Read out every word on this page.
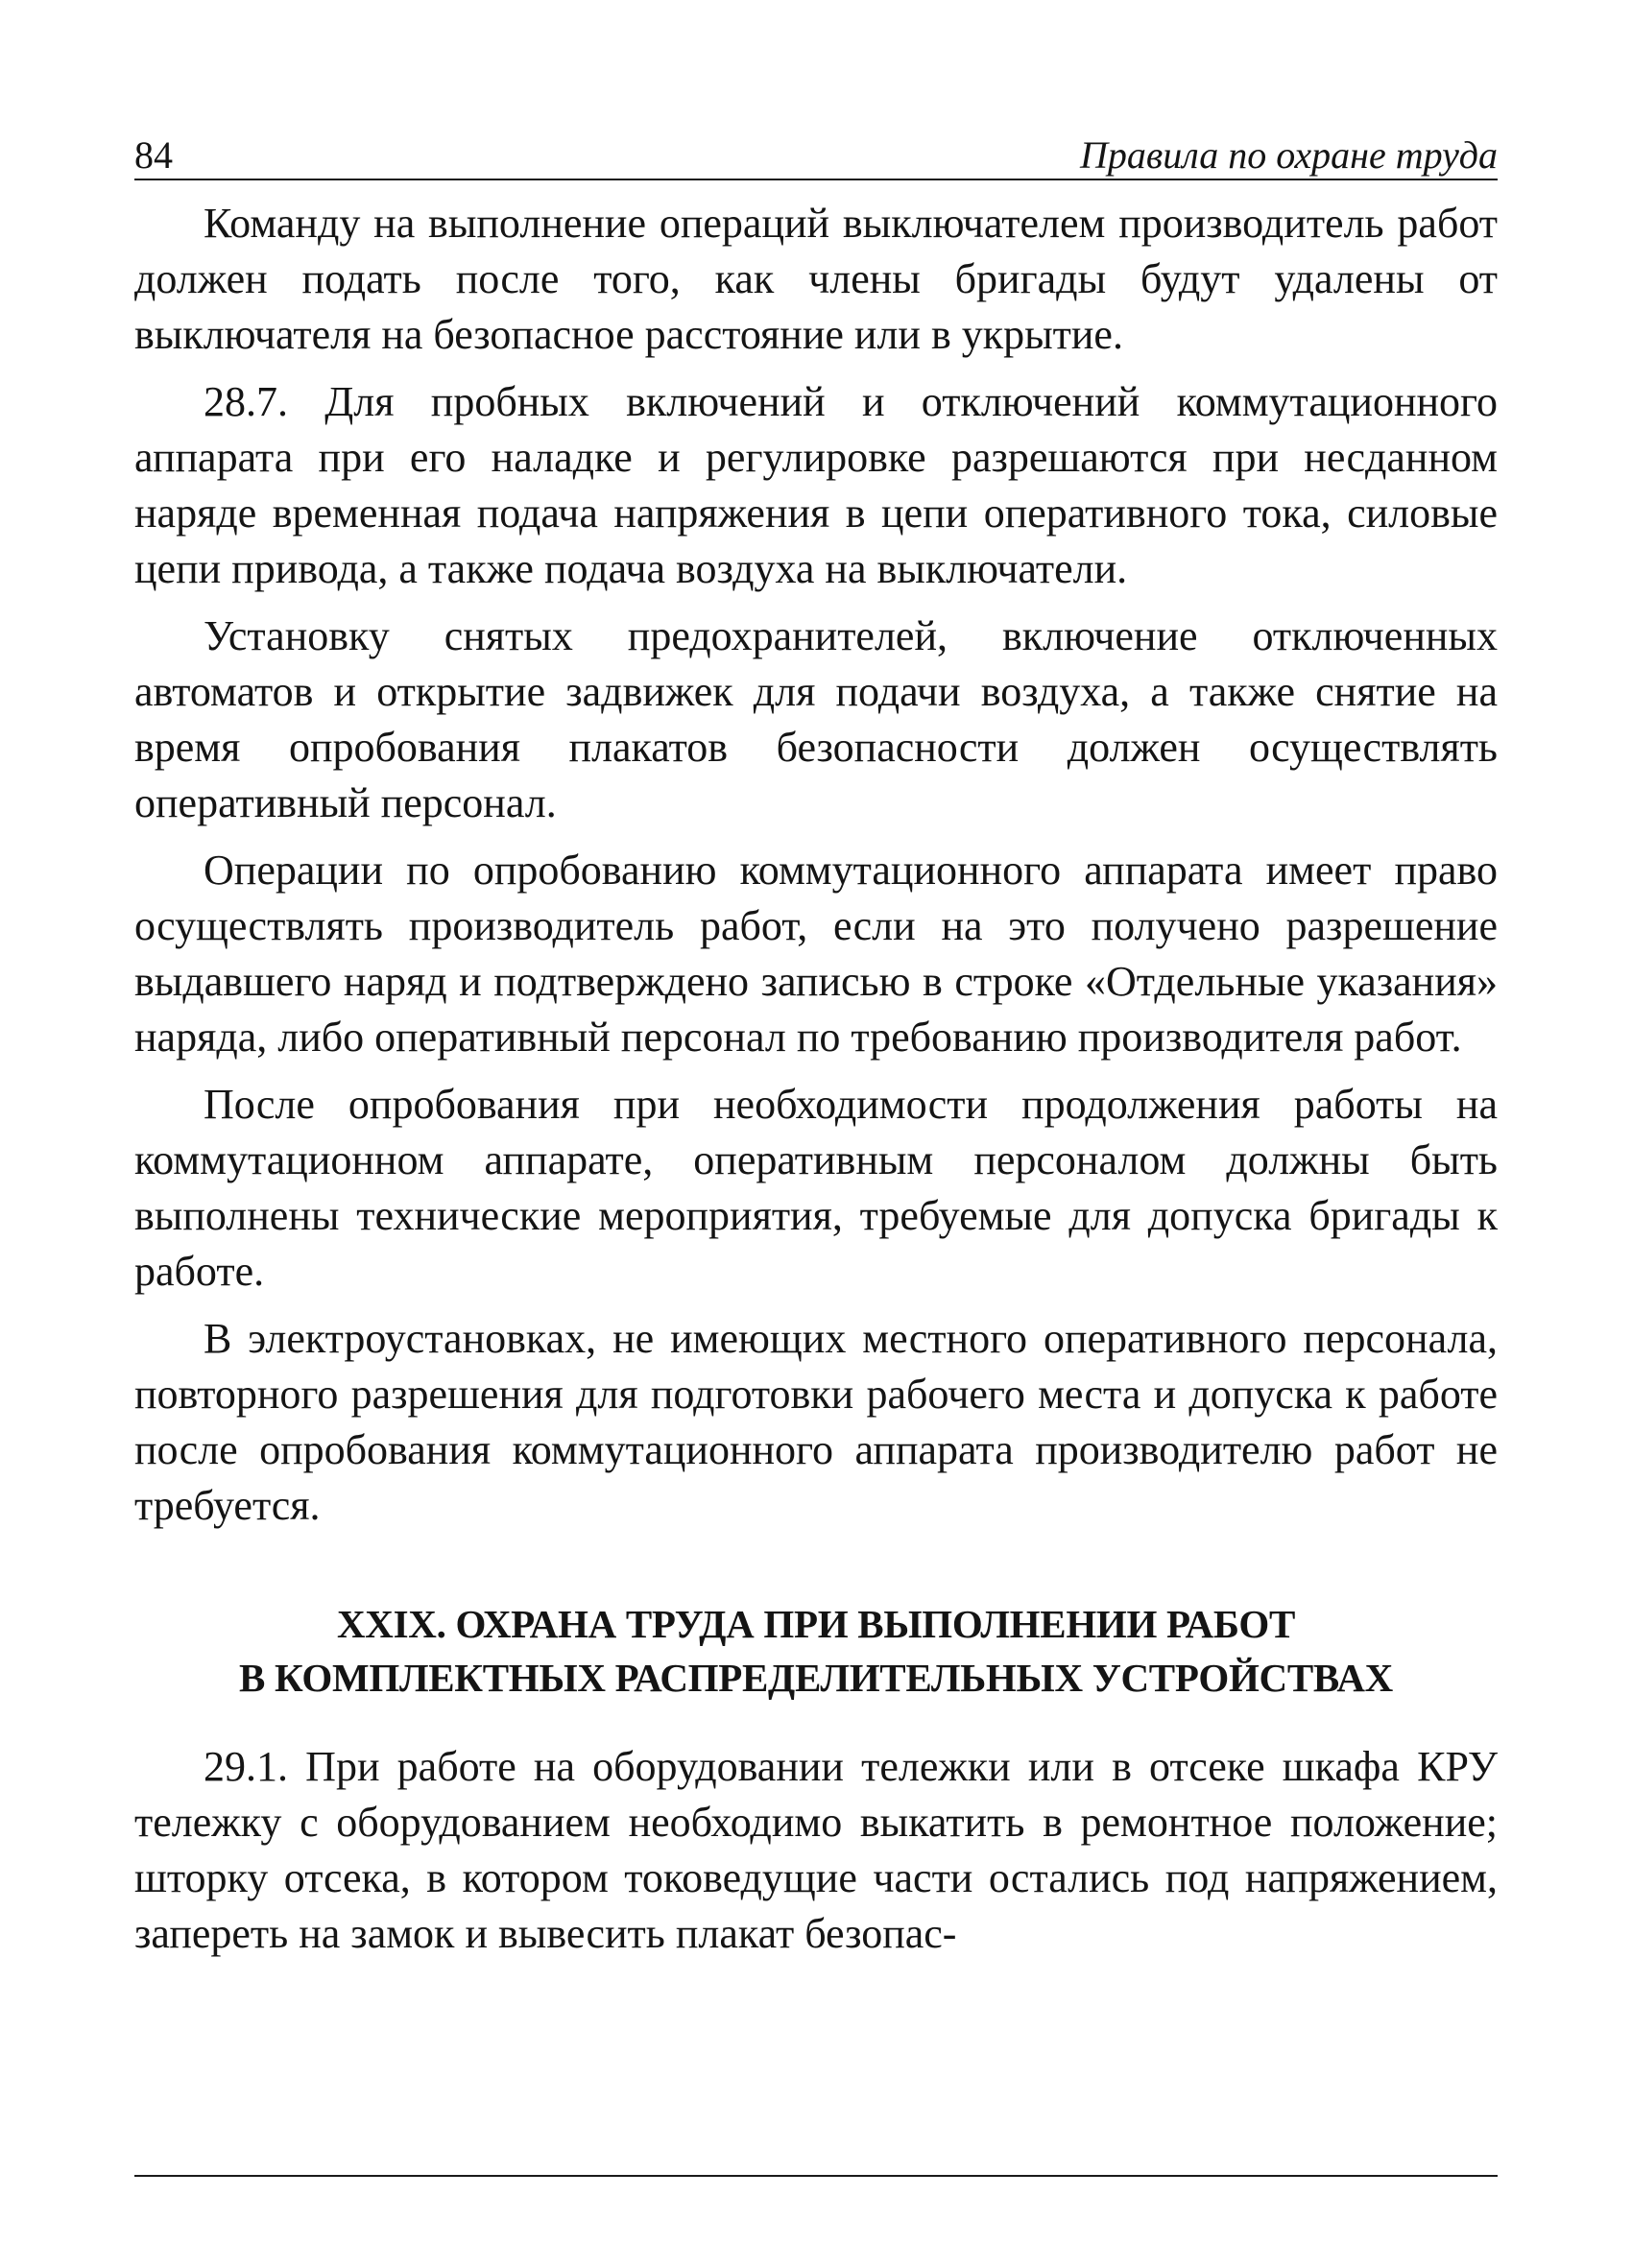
84	Правила по охране труда

Команду на выполнение операций выключателем производитель работ должен подать после того, как члены бригады будут удалены от выключателя на безопасное расстояние или в укрытие.

28.7. Для пробных включений и отключений коммутационного аппарата при его наладке и регулировке разрешаются при несданном наряде временная подача напряжения в цепи оперативного тока, силовые цепи привода, а также подача воздуха на выключатели.

Установку снятых предохранителей, включение отключенных автоматов и открытие задвижек для подачи воздуха, а также снятие на время опробования плакатов безопасности должен осуществлять оперативный персонал.

Операции по опробованию коммутационного аппарата имеет право осуществлять производитель работ, если на это получено разрешение выдавшего наряд и подтверждено записью в строке «Отдельные указания» наряда, либо оперативный персонал по требованию производителя работ.

После опробования при необходимости продолжения работы на коммутационном аппарате, оперативным персоналом должны быть выполнены технические мероприятия, требуемые для допуска бригады к работе.

В электроустановках, не имеющих местного оперативного персонала, повторного разрешения для подготовки рабочего места и допуска к работе после опробования коммутационного аппарата производителю работ не требуется.

XXIX. ОХРАНА ТРУДА ПРИ ВЫПОЛНЕНИИ РАБОТ
В КОМПЛЕКТНЫХ РАСПРЕДЕЛИТЕЛЬНЫХ УСТРОЙСТВАХ

29.1. При работе на оборудовании тележки или в отсеке шкафа КРУ тележку с оборудованием необходимо выкатить в ремонтное положение; шторку отсека, в котором токоведущие части остались под напряжением, запереть на замок и вывесить плакат безопас-
